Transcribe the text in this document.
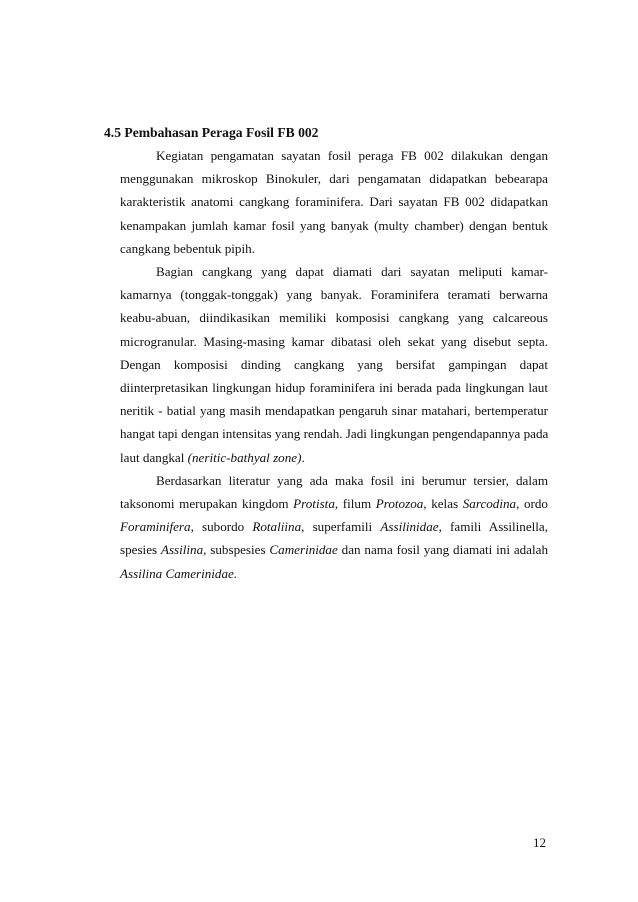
4.5 Pembahasan Peraga Fosil FB 002

Kegiatan pengamatan sayatan fosil peraga FB 002 dilakukan dengan
menggunakan mikroskop Binokuler, dari pengamatan didapatkan bebearapa
karakteristik anatomi cangkang foraminifera. Dari sayatan FB 002 didapatkan
kenampakan jumlah kamar fosil yang banyak (multy chamber) dengan bentuk
cangkang bebentuk pipih.

Bagian cangkang yang dapat diamati dari sayatan meliputi kamar-
kamarnya (tonggak-tonggak) yang banyak. Foraminifera teramati berwarna
keabu-abuan, diindikasikan memiliki komposisi cangkang yang calcareous
microgranular. Masing-masing kamar dibatasi oleh sekat yang disebut septa.
Dengan komposisi dinding cangkang yang bersifat gampingan dapat
diinterpretasikan lingkungan hidup foraminifera ini berada pada lingkungan laut
neritik - batial yang masih mendapatkan pengaruh sinar matahari, bertemperatur
hangat tapi dengan intensitas yang rendah. Jadi lingkungan pengendapannya pada
laut dangkal (neritic-bathyal zone).

Berdasarkan literatur yang ada maka fosil ini berumur tersier, dalam
taksonomi merupakan kingdom Protista, filum Protozoa, kelas Sarcodina, ordo
Foraminifera, subordo Rotaliina, superfamili Assilinidae, famili Assilinella,
spesies Assilina, subspesies Camerinidae dan nama fosil yang diamati ini adalah
Assilina Camerinidae.

12
